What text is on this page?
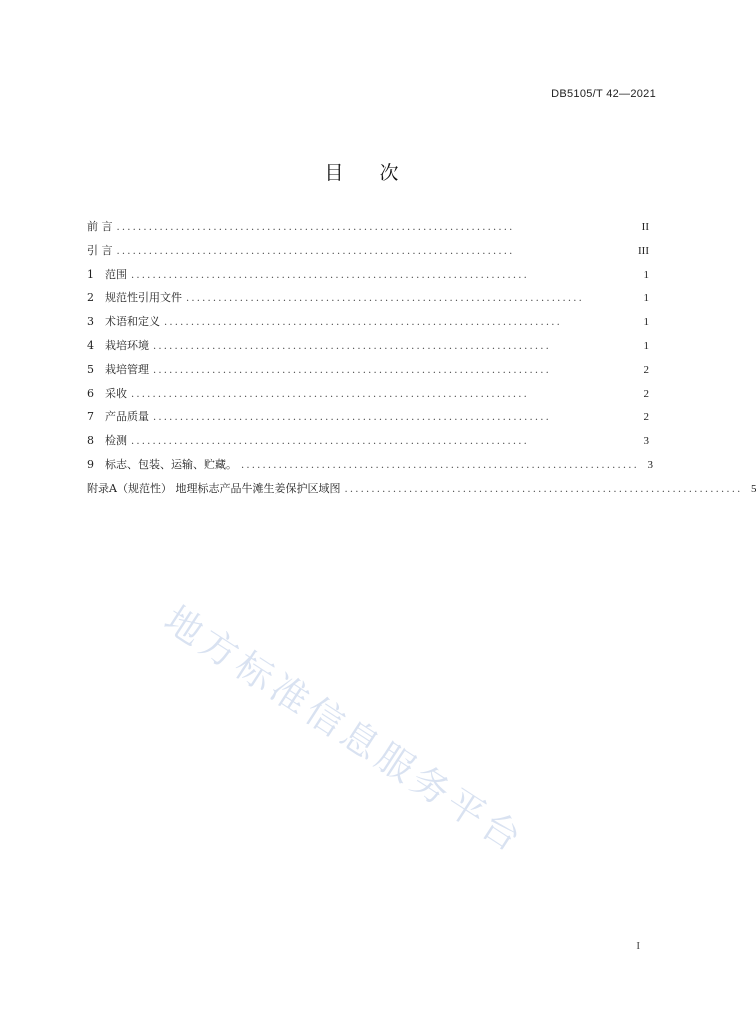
DB5105/T 42—2021
目 次
前 言 ..........................................................................	II
引 言 ..........................................................................	III
1 范围 ..........................................................................	1
2 规范性引用文件 ..........................................................................	1
3 术语和定义 ..........................................................................	1
4 栽培环境 ..........................................................................	1
5 栽培管理 ..........................................................................	2
6 采收 ..........................................................................	2
7 产品质量 ..........................................................................	2
8 检测 ..........................................................................	3
9 标志、包装、运输、贮藏。 .......................................................................... 3
附录A（规范性） 地理标志产品牛滩生姜保护区域图 .......................................................................... 5
地方标准信息服务平台
I
